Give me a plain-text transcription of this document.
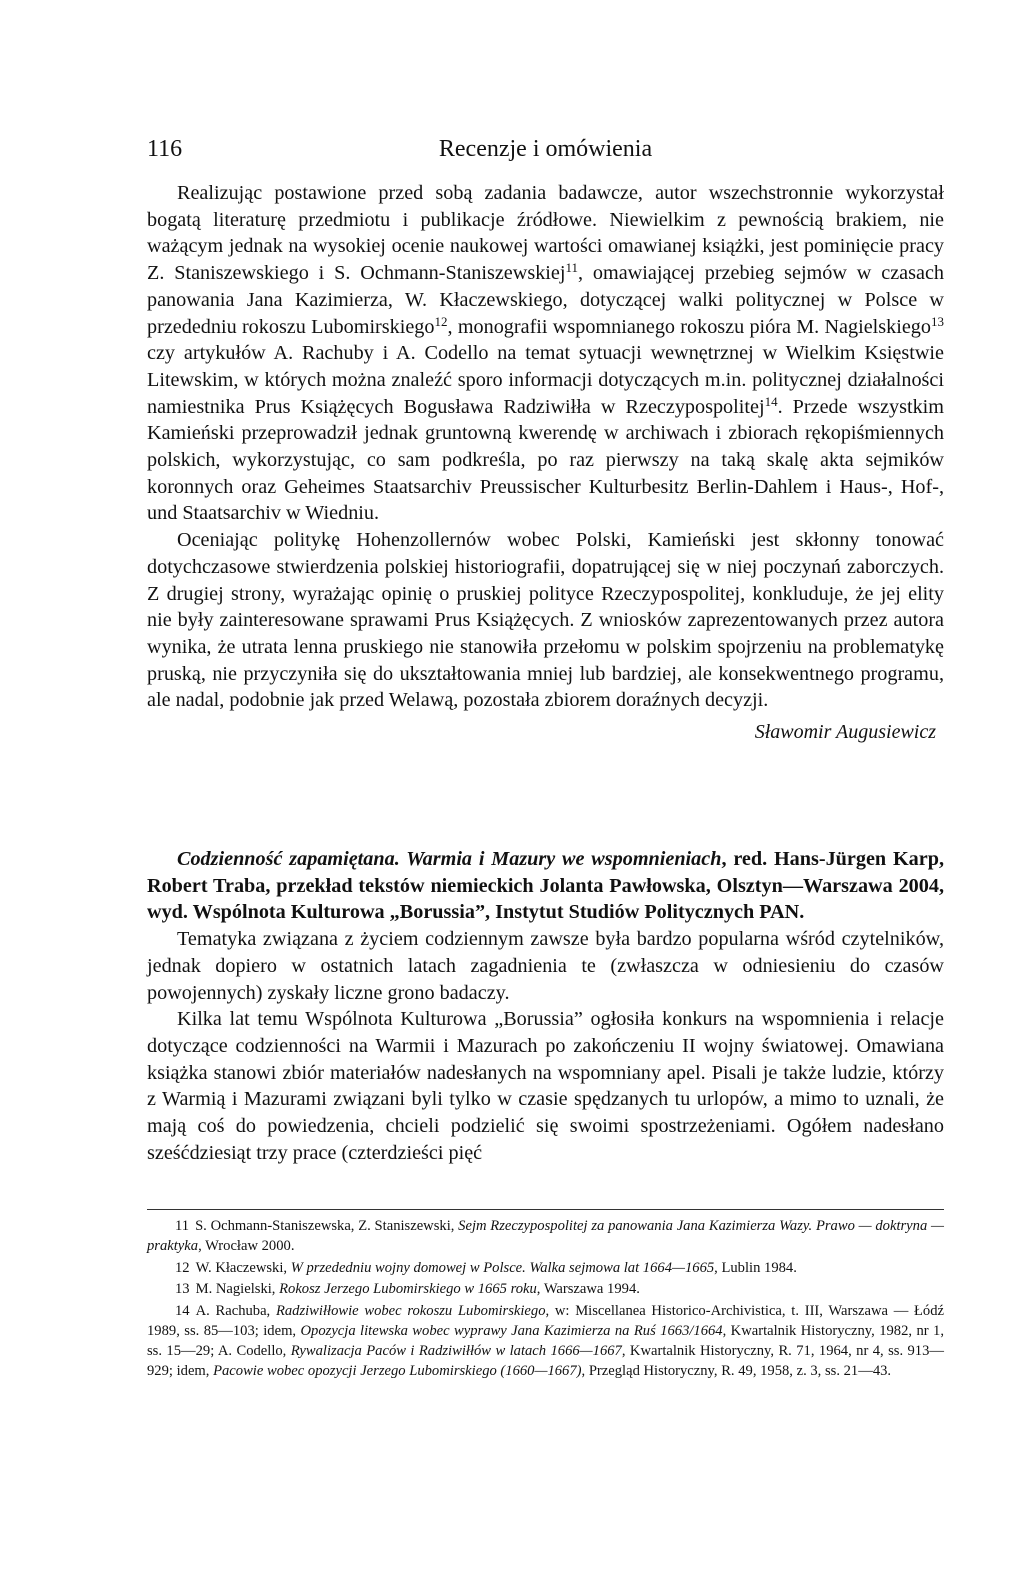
116	Recenzje i omówienia

Realizując postawione przed sobą zadania badawcze, autor wszechstronnie wykorzystał bogatą literaturę przedmiotu i publikacje źródłowe. Niewielkim z pewnością brakiem, nie ważącym jednak na wysokiej ocenie naukowej wartości omawianej książki, jest pominięcie pracy Z. Staniszewskiego i S. Ochmann-Staniszewskiej$^{11}$, omawiającej przebieg sejmów w czasach panowania Jana Kazimierza, W. Kłaczewskiego, dotyczącej walki politycznej w Polsce w przededniu rokoszu Lubomirskiego$^{12}$, monografii wspomnianego rokoszu pióra M. Nagielskiego$^{13}$ czy artykułów A. Rachuby i A. Codello na temat sytuacji wewnętrznej w Wielkim Księstwie Litewskim, w których można znaleźć sporo informacji dotyczących m.in. politycznej działalności namiestnika Prus Książęcych Bogusława Radziwiłła w Rzeczypospolitej$^{14}$. Przede wszystkim Kamieński przeprowadził jednak gruntowną kwerendę w archiwach i zbiorach rękopiśmiennych polskich, wykorzystując, co sam podkreśla, po raz pierwszy na taką skalę akta sejmików koronnych oraz Geheimes Staatsarchiv Preussischer Kulturbesitz Berlin-Dahlem i Haus-, Hof-, und Staatsarchiv w Wiedniu.

Oceniając politykę Hohenzollernów wobec Polski, Kamieński jest skłonny tonować dotychczasowe stwierdzenia polskiej historiografii, dopatrującej się w niej poczynań zaborczych. Z drugiej strony, wyrażając opinię o pruskiej polityce Rzeczypospolitej, konkluduje, że jej elity nie były zainteresowane sprawami Prus Książęcych. Z wniosków zaprezentowanych przez autora wynika, że utrata lenna pruskiego nie stanowiła przełomu w polskim spojrzeniu na problematykę pruską, nie przyczyniła się do ukształtowania mniej lub bardziej, ale konsekwentnego programu, ale nadal, podobnie jak przed Welawą, pozostała zbiorem doraźnych decyzji.

Sławomir Augusiewicz

Codzienność zapamiętana. Warmia i Mazury we wspomnieniach, red. Hans-Jürgen Karp, Robert Traba, przekład tekstów niemieckich Jolanta Pawłowska, Olsztyn—Warszawa 2004, wyd. Wspólnota Kulturowa „Borussia”, Instytut Studiów Politycznych PAN.

Tematyka związana z życiem codziennym zawsze była bardzo popularna wśród czytelników, jednak dopiero w ostatnich latach zagadnienia te (zwłaszcza w odniesieniu do czasów powojennych) zyskały liczne grono badaczy.

Kilka lat temu Wspólnota Kulturowa „Borussia” ogłosiła konkurs na wspomnienia i relacje dotyczące codzienności na Warmii i Mazurach po zakończeniu II wojny światowej. Omawiana książka stanowi zbiór materiałów nadesłanych na wspomniany apel. Pisali je także ludzie, którzy z Warmią i Mazurami związani byli tylko w czasie spędzanych tu urlopów, a mimo to uznali, że mają coś do powiedzenia, chcieli podzielić się swoimi spostrzeżeniami. Ogółem nadesłano sześćdziesiąt trzy prace (czterdzieści pięć

11 S. Ochmann-Staniszewska, Z. Staniszewski, Sejm Rzeczypospolitej za panowania Jana Kazimierza Wazy. Prawo — doktryna — praktyka, Wrocław 2000.

12 W. Kłaczewski, W przededniu wojny domowej w Polsce. Walka sejmowa lat 1664—1665, Lublin 1984.

13 M. Nagielski, Rokosz Jerzego Lubomirskiego w 1665 roku, Warszawa 1994.

14 A. Rachuba, Radziwiłłowie wobec rokoszu Lubomirskiego, w: Miscellanea Historico-Archivistica, t. III, Warszawa — Łódź 1989, ss. 85—103; idem, Opozycja litewska wobec wyprawy Jana Kazimierza na Ruś 1663/1664, Kwartalnik Historyczny, 1982, nr 1, ss. 15—29; A. Codello, Rywalizacja Paców i Radziwiłłów w latach 1666—1667, Kwartalnik Historyczny, R. 71, 1964, nr 4, ss. 913—929; idem, Pacowie wobec opozycji Jerzego Lubomirskiego (1660—1667), Przegląd Historyczny, R. 49, 1958, z. 3, ss. 21—43.
